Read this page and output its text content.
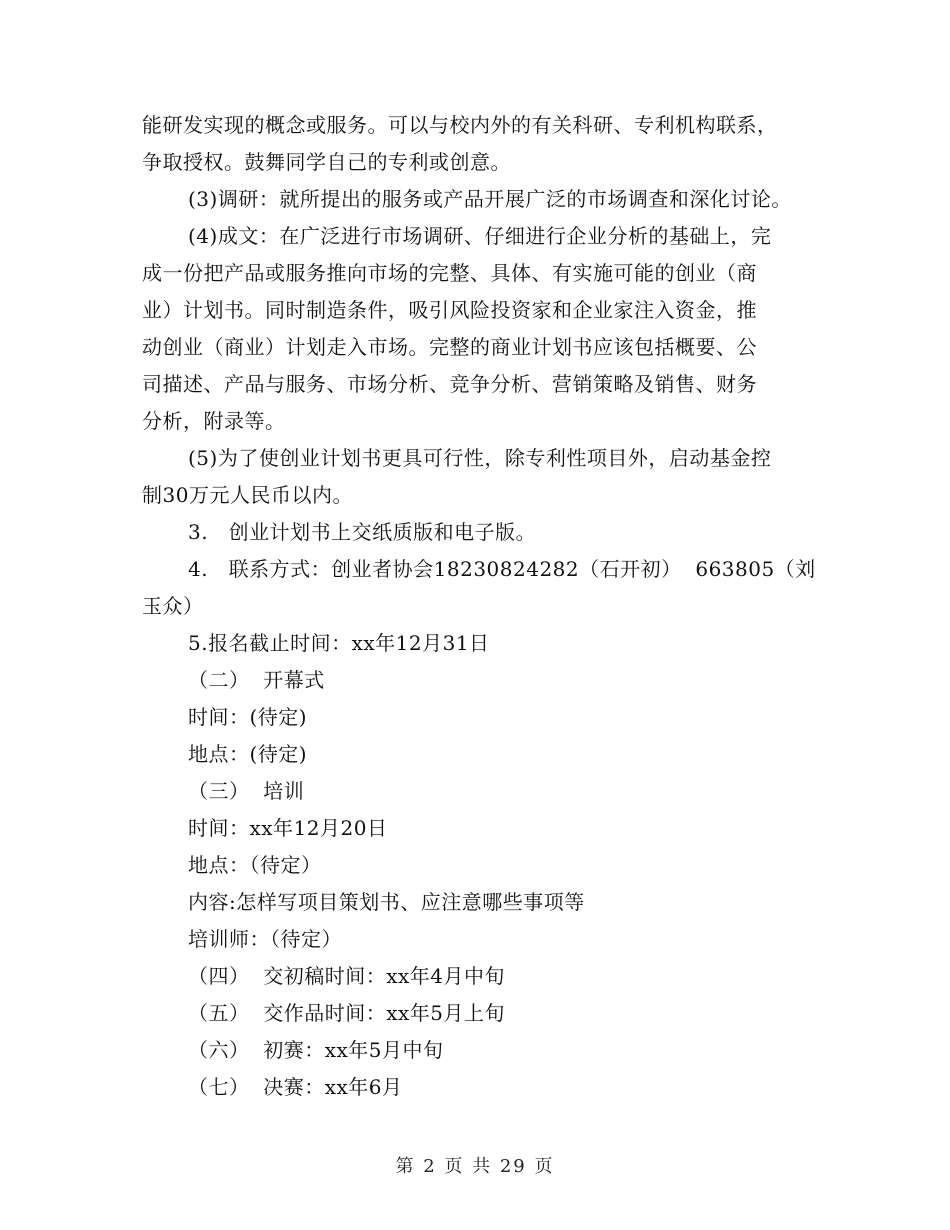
能研发实现的概念或服务。可以与校内外的有关科研、专利机构联系，
争取授权。鼓舞同学自己的专利或创意。
(3)调研：就所提出的服务或产品开展广泛的市场调查和深化讨论。
(4)成文：在广泛进行市场调研、仔细进行企业分析的基础上，完
成一份把产品或服务推向市场的完整、具体、有实施可能的创业（商
业）计划书。同时制造条件，吸引风险投资家和企业家注入资金，推
动创业（商业）计划走入市场。完整的商业计划书应该包括概要、公
司描述、产品与服务、市场分析、竞争分析、营销策略及销售、财务
分析，附录等。
(5)为了使创业计划书更具可行性，除专利性项目外，启动基金控
制30万元人民币以内。
3.   创业计划书上交纸质版和电子版。
4.   联系方式：创业者协会18230824282（石开初）  663805（刘
玉众）
5.报名截止时间：xx年12月31日
（二）  开幕式
时间：(待定)
地点：(待定)
（三）  培训
时间：xx年12月20日
地点：（待定）
内容:怎样写项目策划书、应注意哪些事项等
培训师：（待定）
（四）  交初稿时间：xx年4月中旬
（五）  交作品时间：xx年5月上旬
（六）  初赛：xx年5月中旬
（七）  决赛：xx年6月
第 2 页 共 29 页
